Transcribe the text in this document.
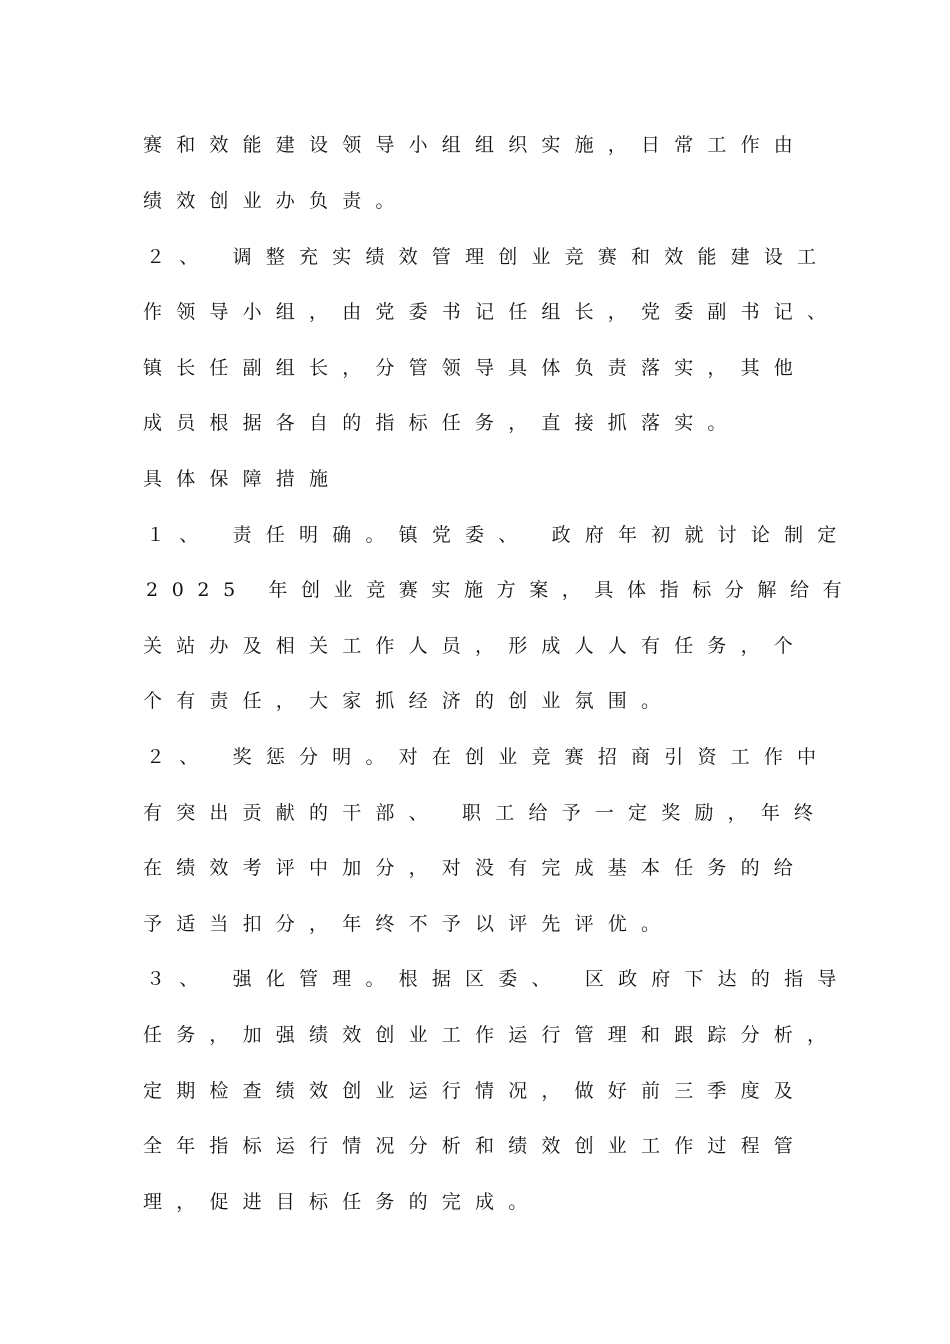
赛和效能建设领导小组组织实施，日常工作由
绩效创业办负责。
２、 调整充实绩效管理创业竞赛和效能建设工
作领导小组，由党委书记任组长，党委副书记、
镇长任副组长，分管领导具体负责落实，其他
成员根据各自的指标任务，直接抓落实。
具体保障措施
１、 责任明确。镇党委、 政府年初就讨论制定
2025 年创业竞赛实施方案，具体指标分解给有
关站办及相关工作人员，形成人人有任务，个
个有责任，大家抓经济的创业氛围。
２、 奖惩分明。对在创业竞赛招商引资工作中
有突出贡献的干部、 职工给予一定奖励，年终
在绩效考评中加分，对没有完成基本任务的给
予适当扣分，年终不予以评先评优。
３、 强化管理。根据区委、 区政府下达的指导
任务，加强绩效创业工作运行管理和跟踪分析，
定期检查绩效创业运行情况，做好前三季度及
全年指标运行情况分析和绩效创业工作过程管
理，促进目标任务的完成。
